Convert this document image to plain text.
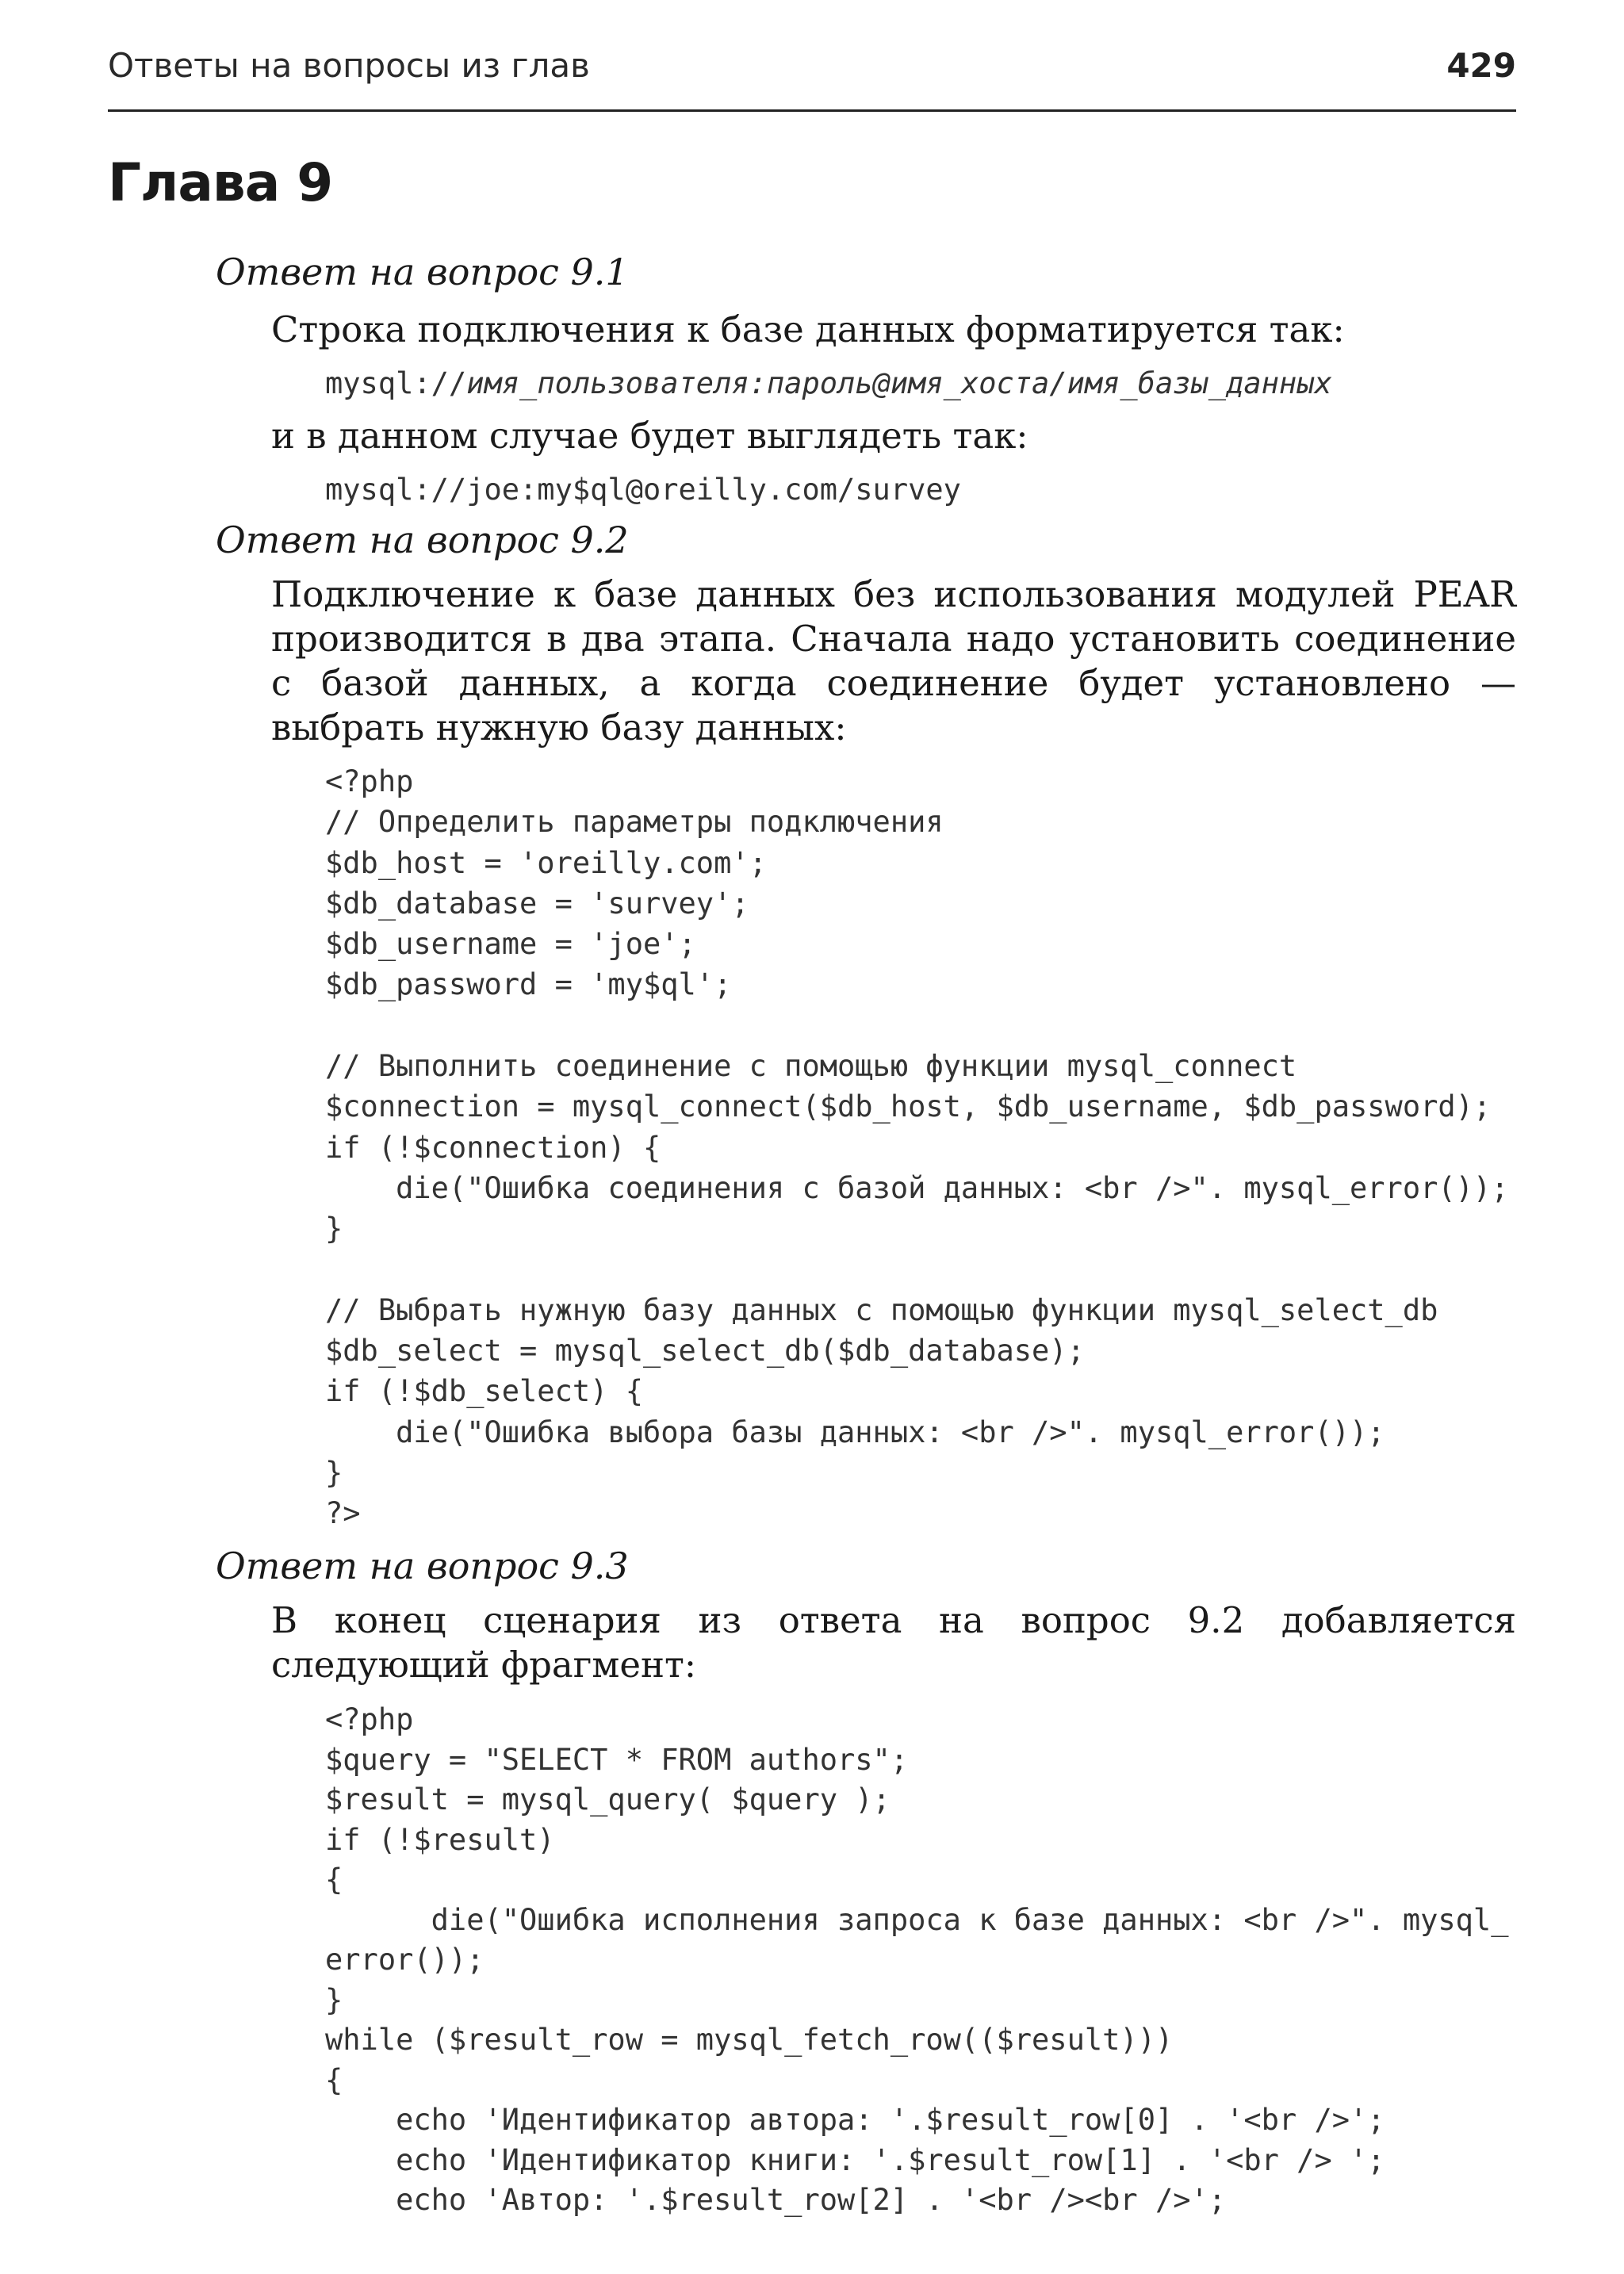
Ответы на вопросы из глав	429
Глава 9
Ответ на вопрос 9.1
Строка подключения к базе данных форматируется так:
mysql://имя_пользователя:пароль@имя_хоста/имя_базы_данных
и в данном случае будет выглядеть так:
mysql://joe:my$ql@oreilly.com/survey
Ответ на вопрос 9.2
Подключение к базе данных без использования модулей PEAR производится в два этапа. Сначала надо установить соединение с базой данных, а когда соединение будет установлено — выбрать нужную базу данных:
<?php
// Определить параметры подключения
$db_host = 'oreilly.com';
$db_database = 'survey';
$db_username = 'joe';
$db_password = 'my$ql';

// Выполнить соединение с помощью функции mysql_connect
$connection = mysql_connect($db_host, $db_username, $db_password);
if (!$connection) {
die("Ошибка соединения с базой данных: <br />". mysql_error());
}

// Выбрать нужную базу данных с помощью функции mysql_select_db
$db_select = mysql_select_db($db_database);
if (!$db_select) {
die("Ошибка выбора базы данных: <br />". mysql_error());
}
?>
Ответ на вопрос 9.3
В конец сценария из ответа на вопрос 9.2 добавляется следующий фрагмент:
<?php
$query = "SELECT * FROM authors";
$result = mysql_query( $query );
if (!$result)
{
die("Ошибка исполнения запроса к базе данных: <br />". mysql_error());
}
while ($result_row = mysql_fetch_row(($result)))
{
echo 'Идентификатор автора: '.$result_row[0] . '<br />';
echo 'Идентификатор книги: '.$result_row[1] . '<br /> ';
echo 'Автор: '.$result_row[2] . '<br /><br />';
